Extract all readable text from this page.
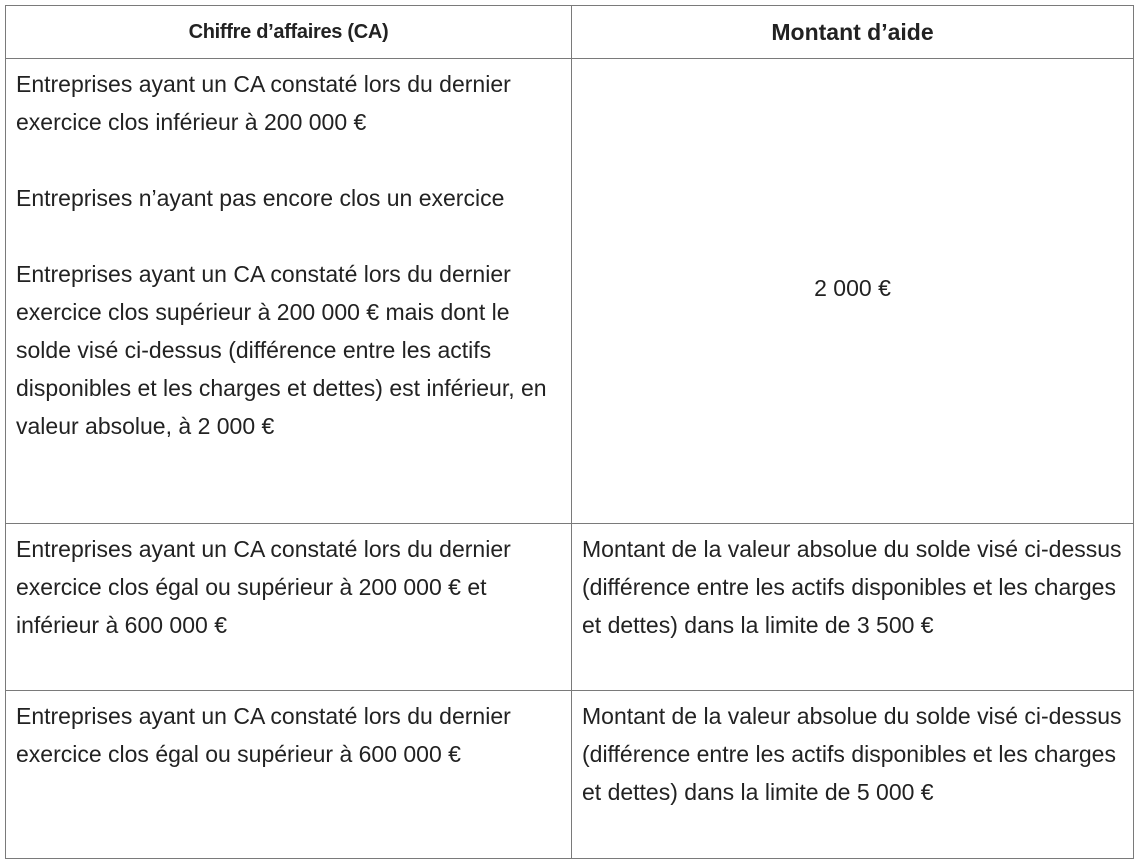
Chiffre d’affaires (CA)	Montant d’aide

Entreprises ayant un CA constaté lors du dernier exercice clos inférieur à 200 000 €

Entreprises n’ayant pas encore clos un exercice

Entreprises ayant un CA constaté lors du dernier exercice clos supérieur à 200 000 € mais dont le solde visé ci-dessus (différence entre les actifs disponibles et les charges et dettes) est inférieur, en valeur absolue, à 2 000 €	2 000 €
Entreprises ayant un CA constaté lors du dernier exercice clos égal ou supérieur à 200 000 € et inférieur à 600 000 €	Montant de la valeur absolue du solde visé ci-dessus (différence entre les actifs disponibles et les charges et dettes) dans la limite de 3 500 €
Entreprises ayant un CA constaté lors du dernier exercice clos égal ou supérieur à 600 000 €	Montant de la valeur absolue du solde visé ci-dessus (différence entre les actifs disponibles et les charges et dettes) dans la limite de 5 000 €
